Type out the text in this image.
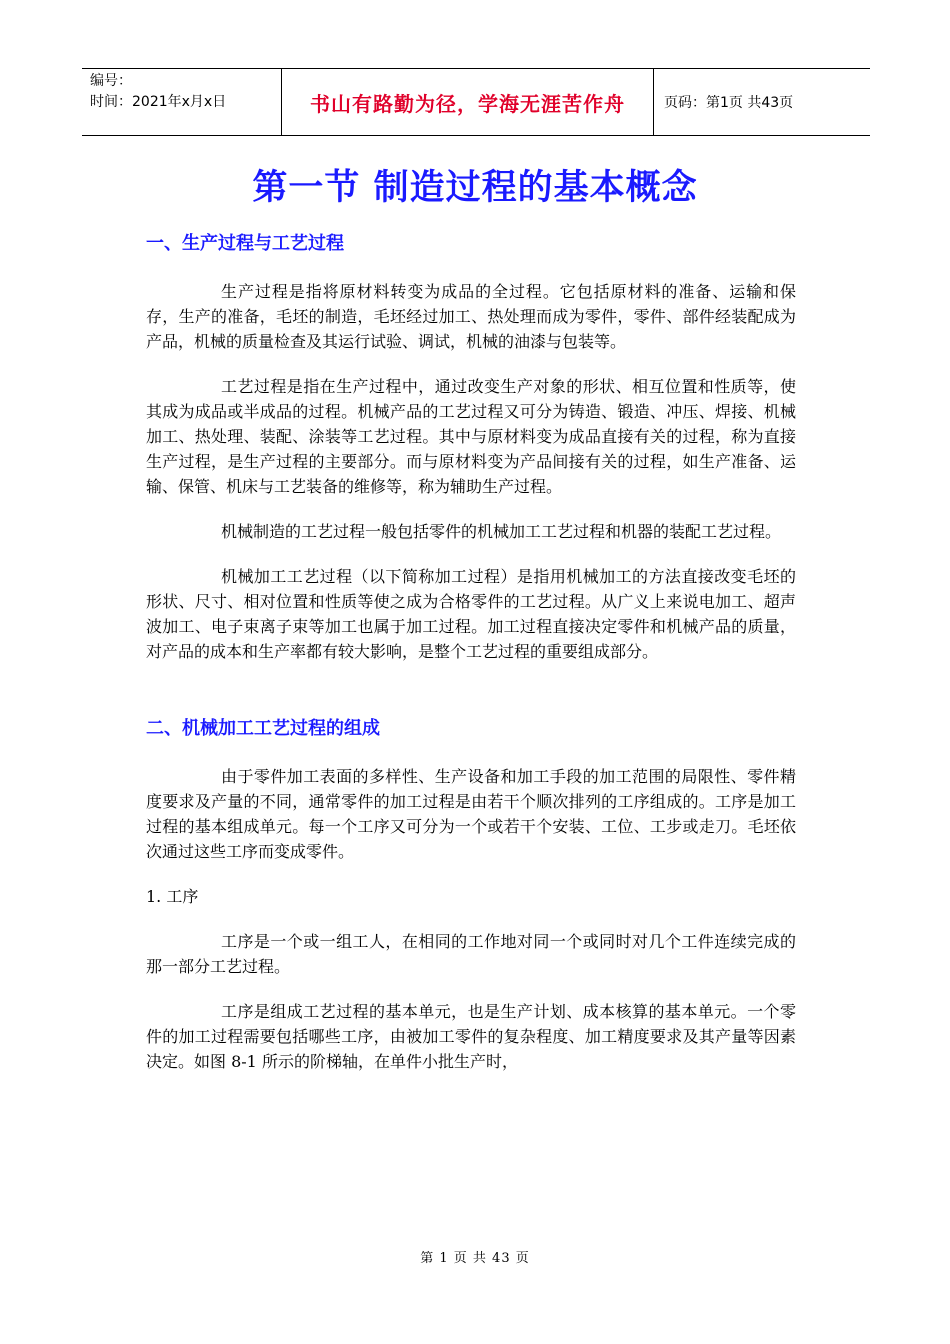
编号：
时间：2021年x月x日	书山有路勤为径，学海无涯苦作舟	页码：第1页 共43页
第一节 制造过程的基本概念
一、生产过程与工艺过程

生产过程是指将原材料转变为成品的全过程。它包括原材料的准备、运输和保存，生产的准备，毛坯的制造，毛坯经过加工、热处理而成为零件，零件、部件经装配成为产品，机械的质量检查及其运行试验、调试，机械的油漆与包装等。

工艺过程是指在生产过程中，通过改变生产对象的形状、相互位置和性质等，使其成为成品或半成品的过程。机械产品的工艺过程又可分为铸造、锻造、冲压、焊接、机械加工、热处理、装配、涂装等工艺过程。其中与原材料变为成品直接有关的过程，称为直接生产过程，是生产过程的主要部分。而与原材料变为产品间接有关的过程，如生产准备、运输、保管、机床与工艺装备的维修等，称为辅助生产过程。

机械制造的工艺过程一般包括零件的机械加工工艺过程和机器的装配工艺过程。

机械加工工艺过程（以下简称加工过程）是指用机械加工的方法直接改变毛坯的形状、尺寸、相对位置和性质等使之成为合格零件的工艺过程。从广义上来说电加工、超声波加工、电子束离子束等加工也属于加工过程。加工过程直接决定零件和机械产品的质量，对产品的成本和生产率都有较大影响，是整个工艺过程的重要组成部分。

二、机械加工工艺过程的组成

由于零件加工表面的多样性、生产设备和加工手段的加工范围的局限性、零件精度要求及产量的不同，通常零件的加工过程是由若干个顺次排列的工序组成的。工序是加工过程的基本组成单元。每一个工序又可分为一个或若干个安装、工位、工步或走刀。毛坯依次通过这些工序而变成零件。

1. 工序

工序是一个或一组工人，在相同的工作地对同一个或同时对几个工件连续完成的那一部分工艺过程。

工序是组成工艺过程的基本单元，也是生产计划、成本核算的基本单元。一个零件的加工过程需要包括哪些工序，由被加工零件的复杂程度、加工精度要求及其产量等因素决定。如图 8-1 所示的阶梯轴，在单件小批生产时，

第 1 页 共 43 页
